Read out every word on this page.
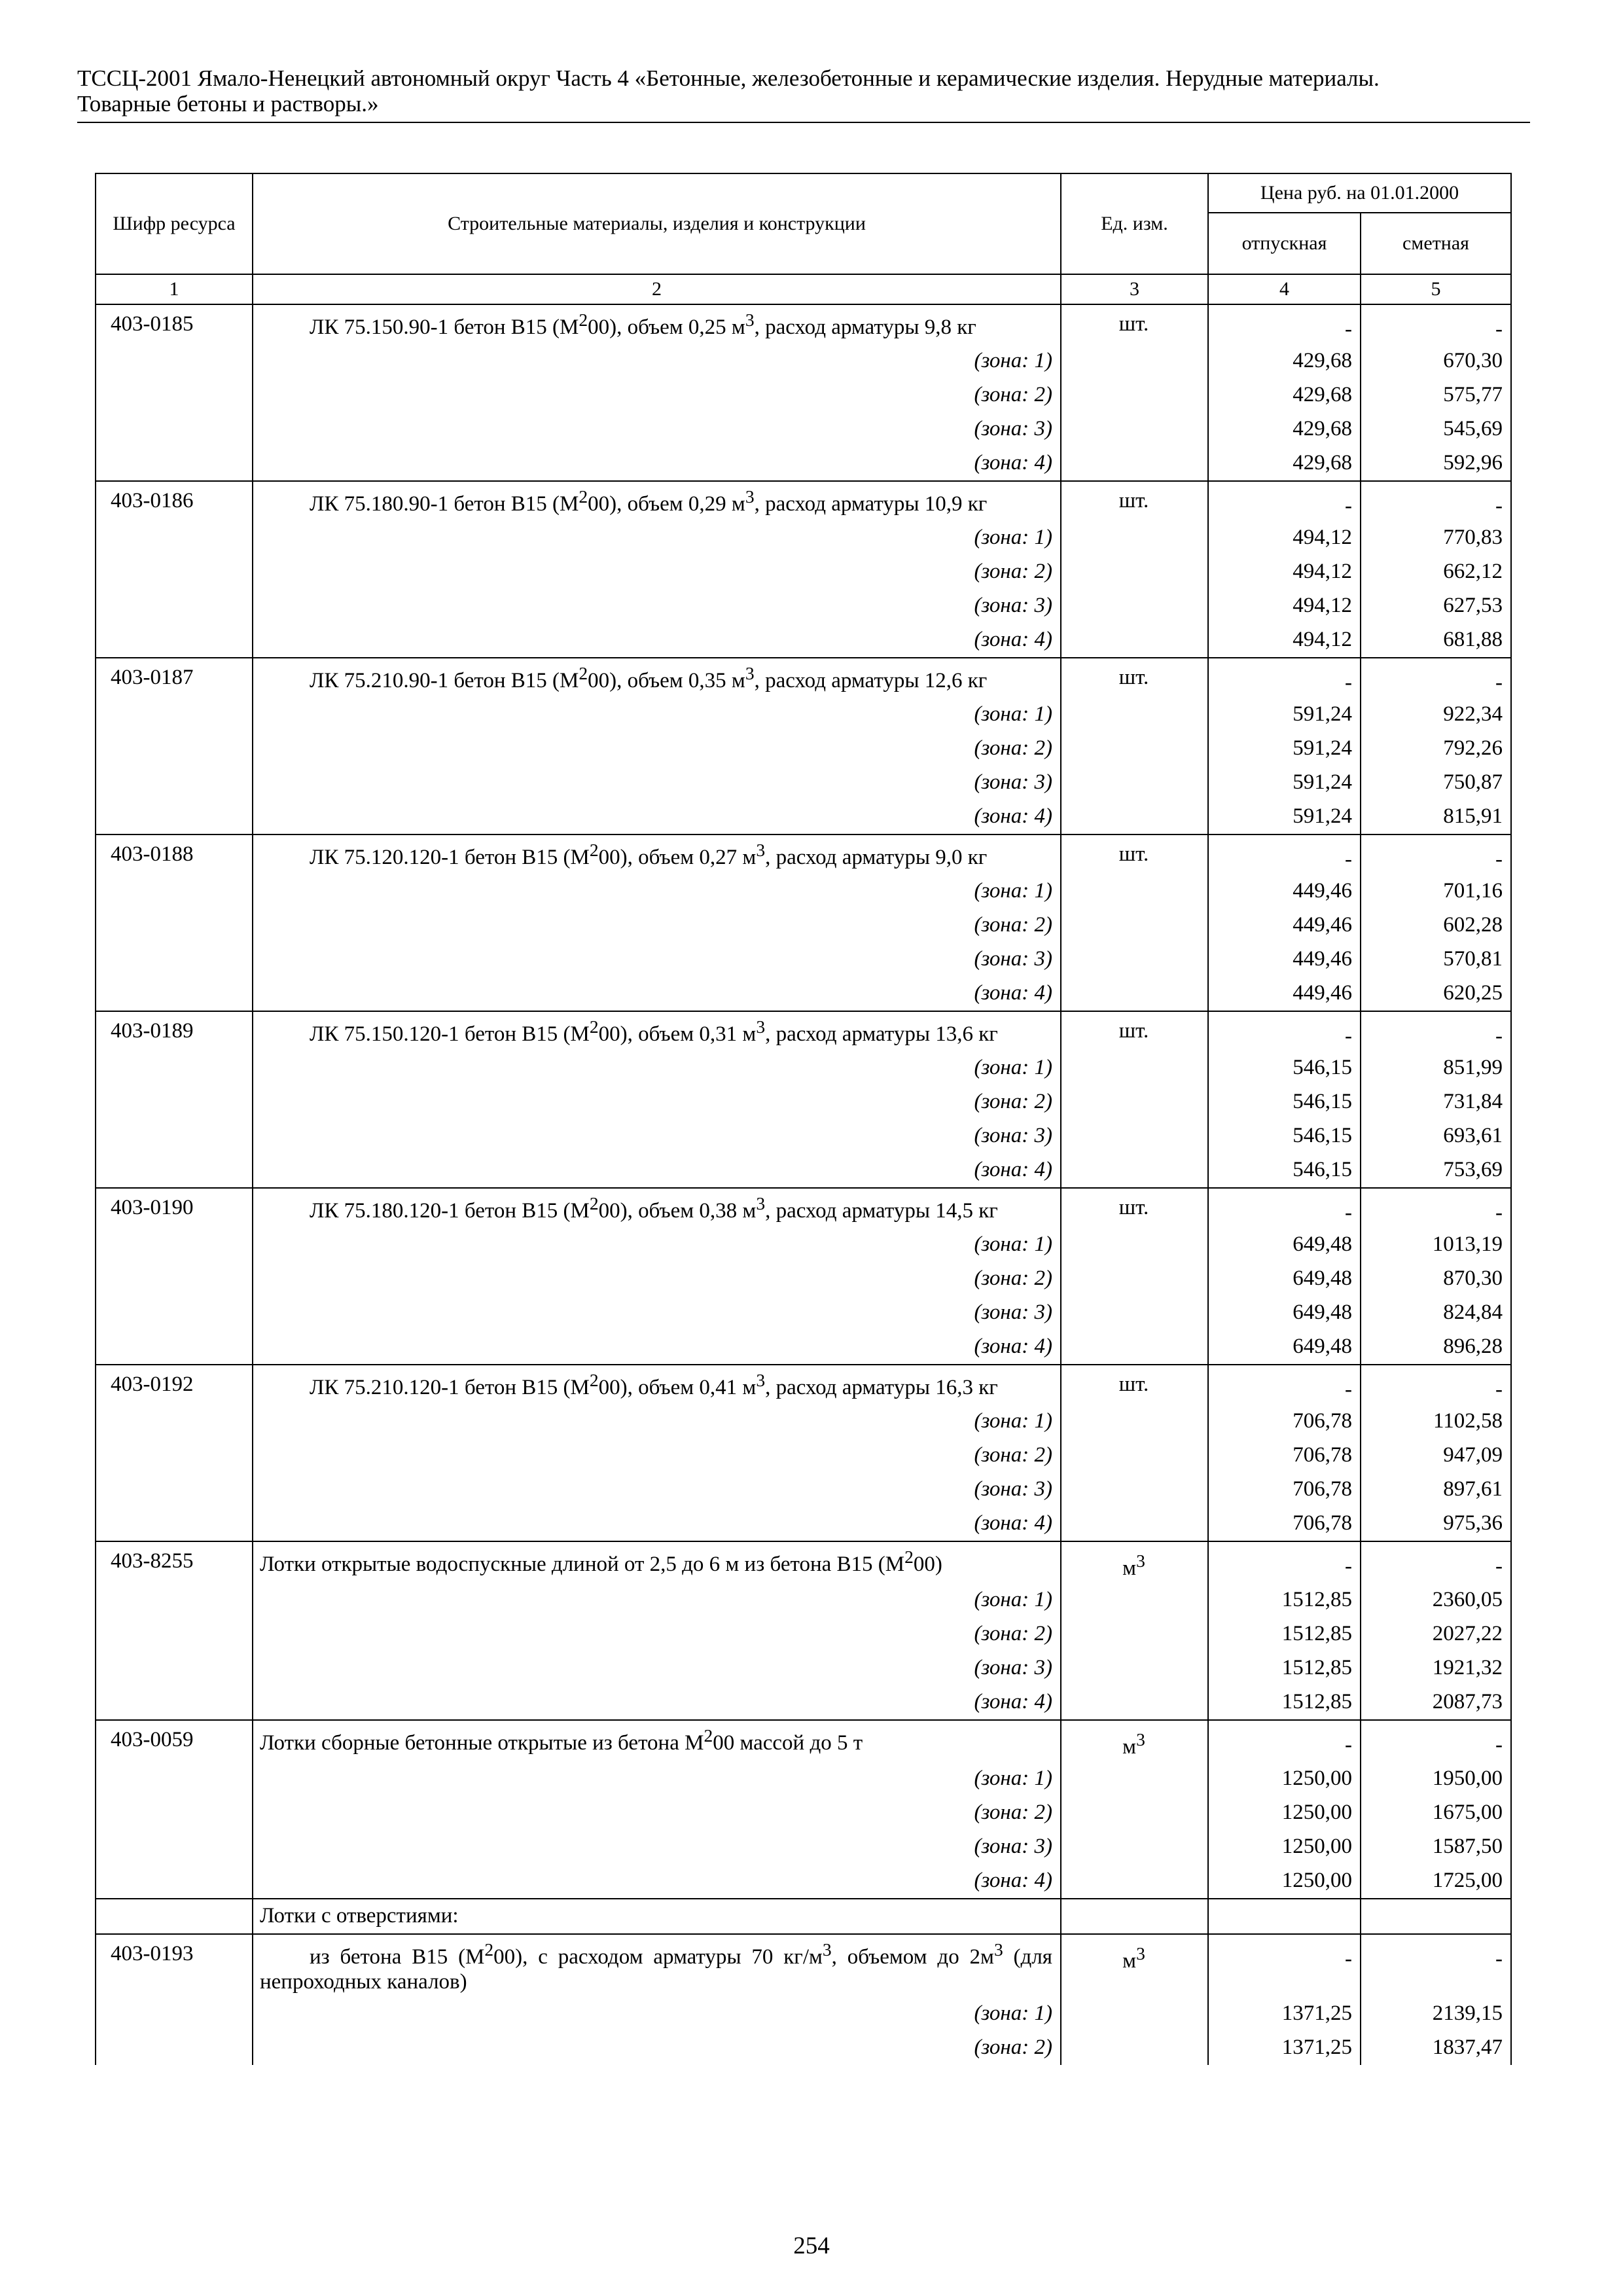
ТССЦ-2001 Ямало-Ненецкий автономный округ Часть 4 «Бетонные, железобетонные и керамические изделия. Нерудные материалы.
Товарные бетоны и растворы.»
Шифр ресурса	Строительные материалы, изделия и конструкции	Ед. изм.	Цена руб. на 01.01.2000	
			отпускная	сметная
1	2	3	4	5
403-0185	ЛК 75.150.90-1 бетон В15 $(М^200)$, объем 0,25 $м^3$, расход арматуры 9,8 кг	шт.	-	-
	(зона: 1)		429,68	670,30
	(зона: 2)		429,68	575,77
	(зона: 3)		429,68	545,69
	(зона: 4)		429,68	592,96
403-0186	ЛК 75.180.90-1 бетон В15 $(М^200)$, объем 0,29 $м^3$, расход арматуры 10,9 кг	шт.	-	-
	(зона: 1)		494,12	770,83
	(зона: 2)		494,12	662,12
	(зона: 3)		494,12	627,53
	(зона: 4)		494,12	681,88
403-0187	ЛК 75.210.90-1 бетон В15 $(М^200)$, объем 0,35 $м^3$, расход арматуры 12,6 кг	шт.	-	-
	(зона: 1)		591,24	922,34
	(зона: 2)		591,24	792,26
	(зона: 3)		591,24	750,87
	(зона: 4)		591,24	815,91
403-0188	ЛК 75.120.120-1 бетон В15 $(М^200)$, объем 0,27 $м^3$, расход арматуры 9,0 кг	шт.	-	-
	(зона: 1)		449,46	701,16
	(зона: 2)		449,46	602,28
	(зона: 3)		449,46	570,81
	(зона: 4)		449,46	620,25
403-0189	ЛК 75.150.120-1 бетон В15 $(М^200)$, объем 0,31 $м^3$, расход арматуры 13,6 кг	шт.	-	-
	(зона: 1)		546,15	851,99
	(зона: 2)		546,15	731,84
	(зона: 3)		546,15	693,61
	(зона: 4)		546,15	753,69
403-0190	ЛК 75.180.120-1 бетон В15 $(М^200)$, объем 0,38 $м^3$, расход арматуры 14,5 кг	шт.	-	-
	(зона: 1)		649,48	1013,19
	(зона: 2)		649,48	870,30
	(зона: 3)		649,48	824,84
	(зона: 4)		649,48	896,28
403-0192	ЛК 75.210.120-1 бетон В15 $(М^200)$, объем 0,41 $м^3$, расход арматуры 16,3 кг	шт.	-	-
	(зона: 1)		706,78	1102,58
	(зона: 2)		706,78	947,09
	(зона: 3)		706,78	897,61
	(зона: 4)		706,78	975,36
403-8255	Лотки открытые водоспускные длиной от 2,5 до 6 м из бетона В15 $(М^200)$	$м^3$	-	-
	(зона: 1)		1512,85	2360,05
	(зона: 2)		1512,85	2027,22
	(зона: 3)		1512,85	1921,32
	(зона: 4)		1512,85	2087,73
403-0059	Лотки сборные бетонные открытые из бетона $М^200$ массой до 5 т	$м^3$	-	-
	(зона: 1)		1250,00	1950,00
	(зона: 2)		1250,00	1675,00
	(зона: 3)		1250,00	1587,50
	(зона: 4)		1250,00	1725,00
	Лотки с отверстиями:			
403-0193	из бетона В15 $(М^200)$, с расходом арматуры 70 $кг/м^3$, объемом до $2м^3$ (для непроходных каналов)	$м^3$	-	-
	(зона: 1)		1371,25	2139,15
	(зона: 2)		1371,25	1837,47
254
